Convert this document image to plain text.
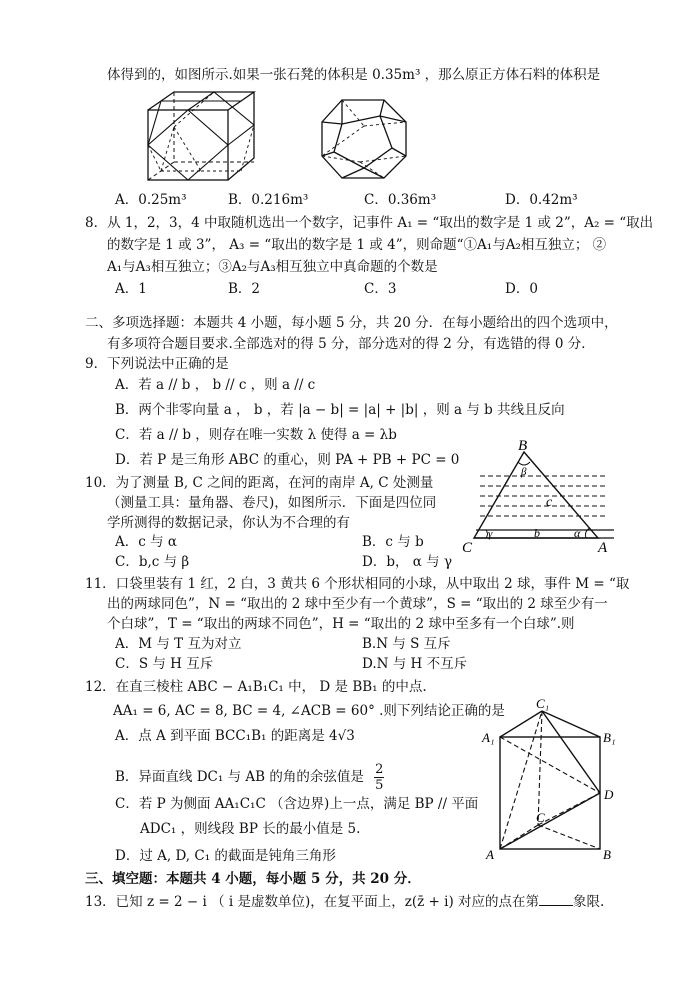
体得到的，如图所示.如果一张石凳的体积是 0.35m³ ，那么原正方体石料的体积是
A．0.25m³	B．0.216m³	C．0.36m³	D．0.42m³
8．从 1，2，3，4 中取随机选出一个数字，记事件 A₁ = “取出的数字是 1 或 2”，A₂ = “取出
的数字是 1 或 3”， A₃ = “取出的数字是 1 或 4”，则命题“①A₁与A₂相互独立； ②
A₁与A₃相互独立；③A₂与A₃相互独立中真命题的个数是
A．1	B．2	C．3	D．0
二、多项选择题：本题共 4 小题，每小题 5 分，共 20 分．在每小题给出的四个选项中，
有多项符合题目要求.全部选对的得 5 分，部分选对的得 2 分，有选错的得 0 分．
9．下列说法中正确的是
A．若 a // b ， b // c ，则 a // c
B．两个非零向量 a ， b ，若 |a − b| = |a| + |b| ，则 a 与 b 共线且反向
C．若 a // b ，则存在唯一实数 λ 使得 a = λb
D．若 P 是三角形 ABC 的重心，则 PA + PB + PC = 0
B
β
c
C
γ	b	α
A
10．为了测量 B, C 之间的距离，在河的南岸 A, C 处测量
（测量工具：量角器、卷尺)，如图所示．下面是四位同
学所测得的数据记录，你认为不合理的有
A．c 与 α	B．c 与 b
C．b,c 与 β	D．b， α 与 γ
11．口袋里装有 1 红，2 白，3 黄共 6 个形状相同的小球，从中取出 2 球，事件 M = “取
出的两球同色”，N = “取出的 2 球中至少有一个黄球”，S = “取出的 2 球至少有一
个白球”，T = “取出的两球不同色”，H = “取出的 2 球中至多有一个白球”.则
A．M 与 T 互为对立	B.N 与 S 互斥
C．S 与 H 互斥	D.N 与 H 不互斥
12．在直三棱柱 ABC − A₁B₁C₁ 中， D 是 BB₁ 的中点.
AA₁ = 6, AC = 8, BC = 4, ∠ACB = 60° .则下列结论正确的是
A．点 A 到平面 BCC₁B₁ 的距离是 4√3
B．异面直线 DC₁ 与 AB 的角的余弦值是 $\frac{2}{5}$
C．若 P 为侧面 AA₁C₁C （含边界)上一点，满足 BP // 平面
ADC₁ ，则线段 BP 长的最小值是 5.
D．过 A, D, C₁ 的截面是钝角三角形
C₁
A₁	B₁
D
C
A	B
三、填空题：本题共 4 小题，每小题 5 分，共 20 分．
13．已知 z = 2 − i （ i 是虚数单位)，在复平面上，z(z̄ + i) 对应的点在第	象限.
